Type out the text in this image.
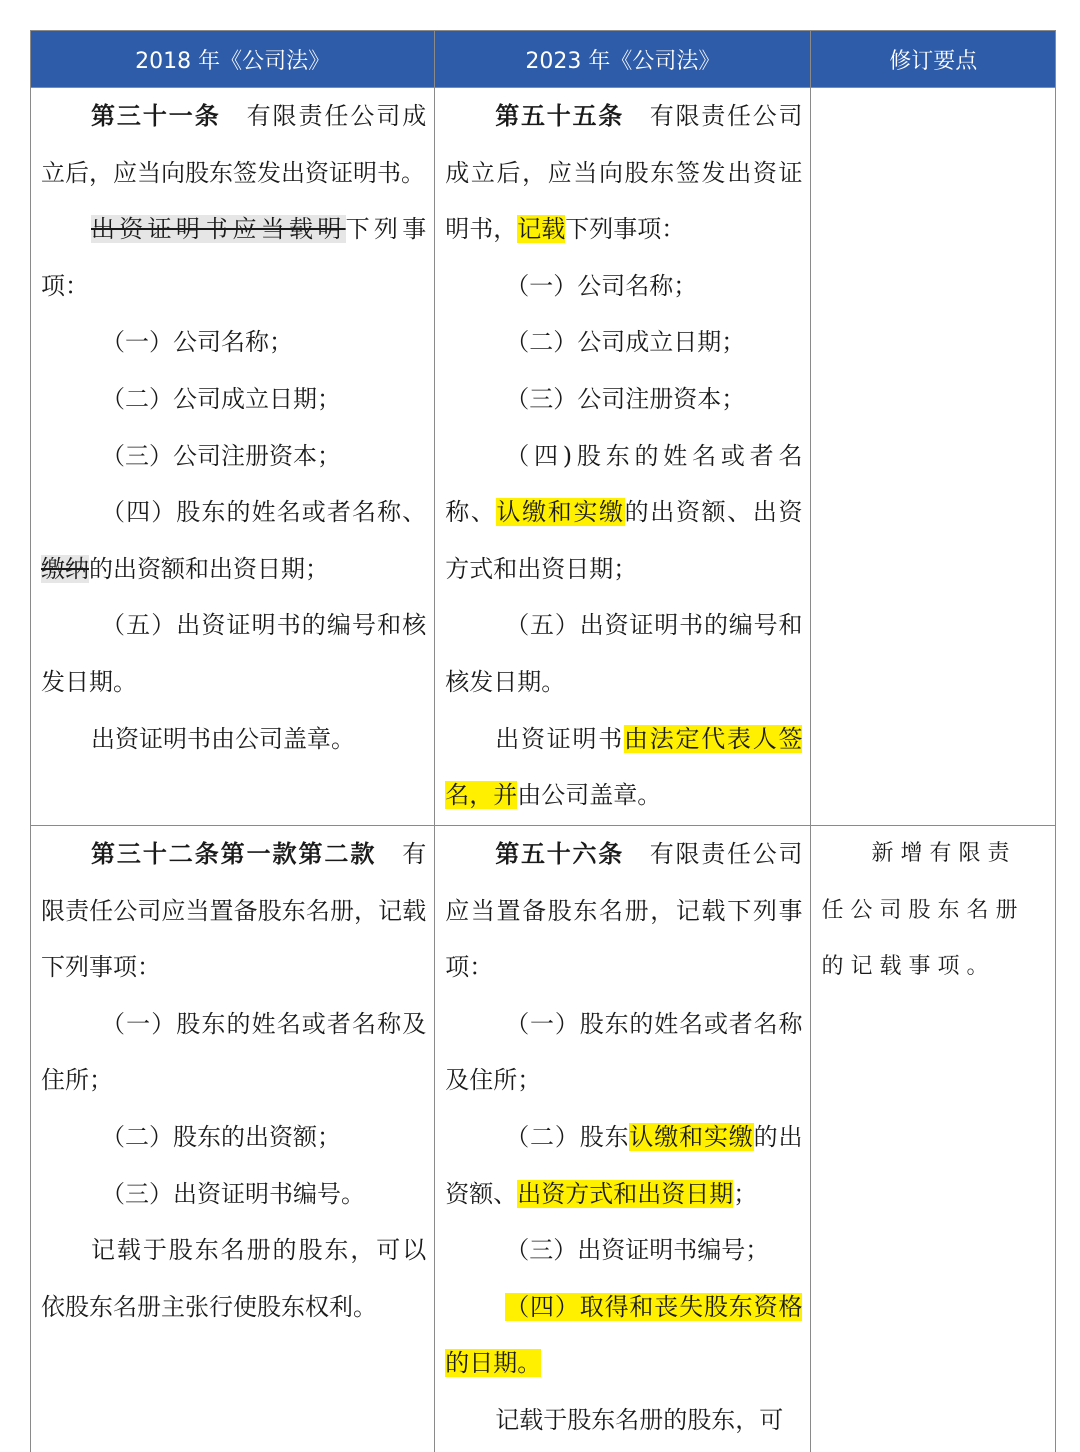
2018 年《公司法》	2023 年《公司法》	修订要点

第三十一条　有限责任公司成立后，应当向股东签发出资证明书。

出资证明书应当载明下列事项：

（一）公司名称；

（二）公司成立日期；

（三）公司注册资本；

（四）股东的姓名或者名称、缴纳的出资额和出资日期；

（五）出资证明书的编号和核发日期。

出资证明书由公司盖章。

第五十五条　有限责任公司成立后，应当向股东签发出资证明书，记载下列事项：

（一）公司名称；

（二）公司成立日期；

（三）公司注册资本；

（四)股东的姓名或者名称、认缴和实缴的出资额、出资方式和出资日期；

（五）出资证明书的编号和核发日期。

出资证明书由法定代表人签名，并由公司盖章。

第三十二条第一款第二款　有限责任公司应当置备股东名册，记载下列事项：

（一）股东的姓名或者名称及住所；

（二）股东的出资额；

（三）出资证明书编号。

记载于股东名册的股东，可以依股东名册主张行使股东权利。

第五十六条　有限责任公司应当置备股东名册，记载下列事项：

（一）股东的姓名或者名称及住所；

（二）股东认缴和实缴的出资额、出资方式和出资日期；

（三）出资证明书编号；

（四）取得和丧失股东资格的日期。

记载于股东名册的股东，可

新增有限责任公司股东名册的记载事项。
